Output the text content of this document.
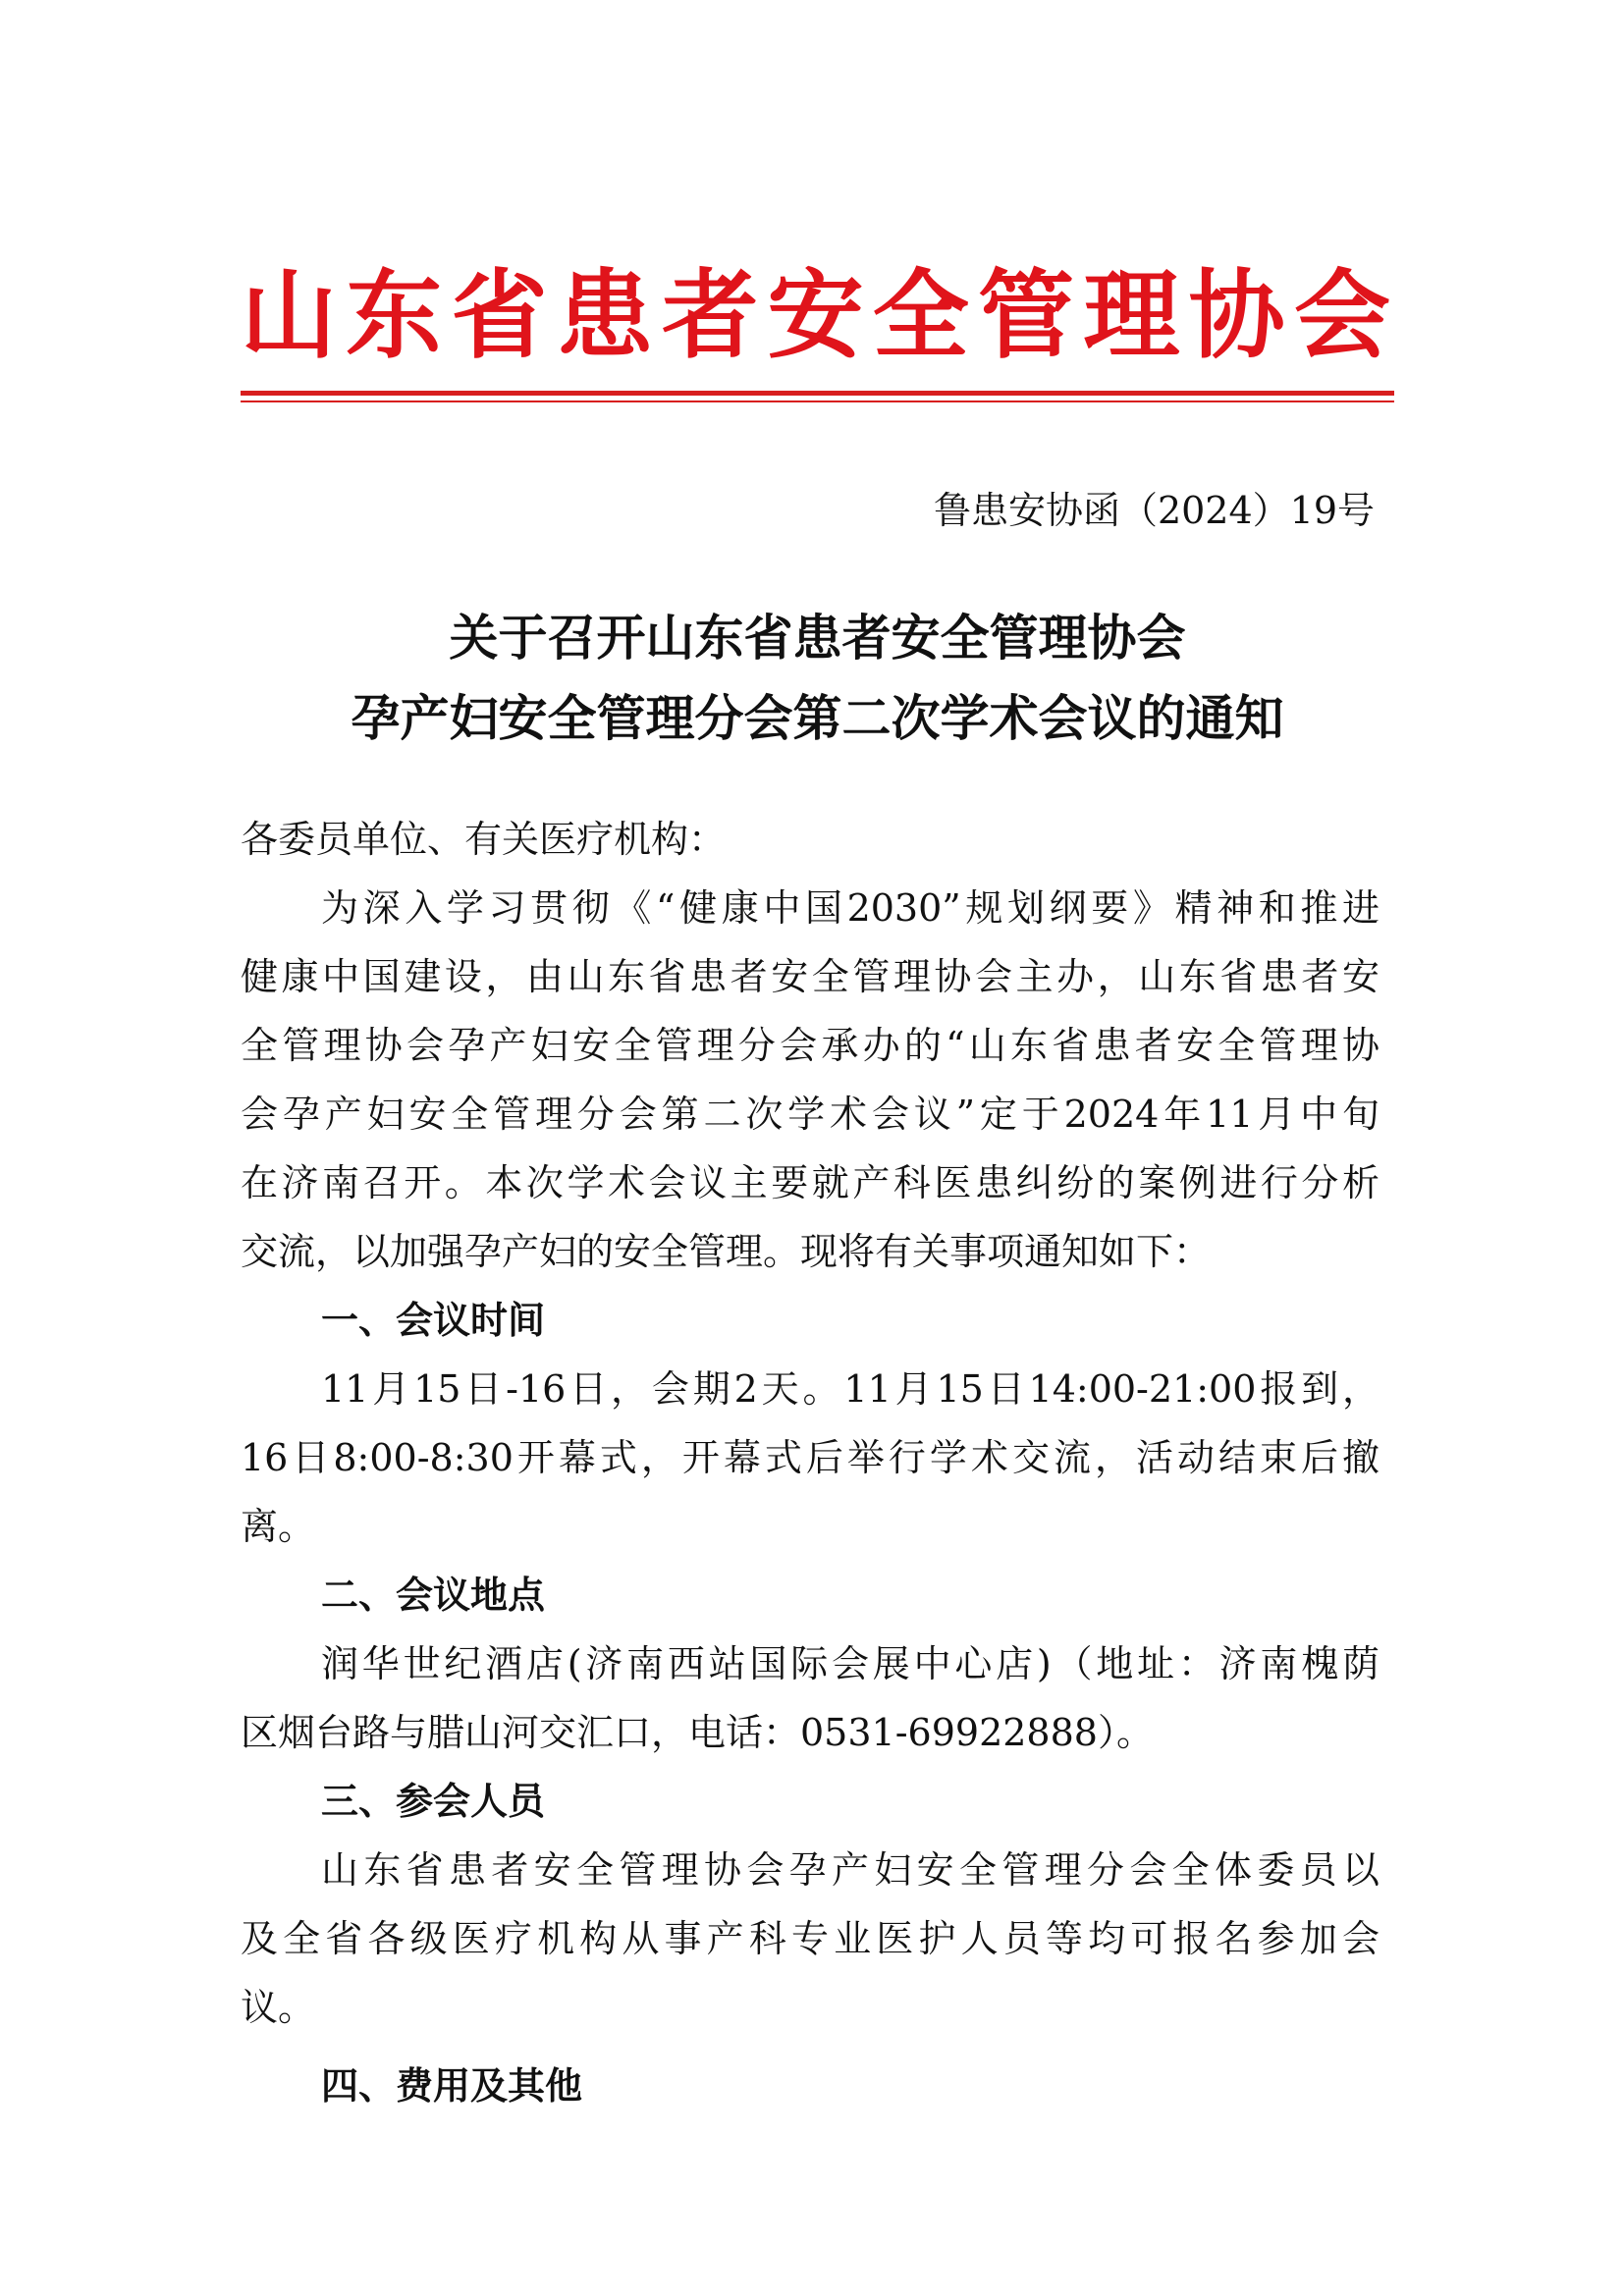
山东省患者安全管理协会
鲁患安协函（2024）19号
关于召开山东省患者安全管理协会
孕产妇安全管理分会第二次学术会议的通知
各委员单位、有关医疗机构：
为深入学习贯彻《“健康中国2030”规划纲要》精神和推进
健康中国建设，由山东省患者安全管理协会主办，山东省患者安
全管理协会孕产妇安全管理分会承办的“山东省患者安全管理协
会孕产妇安全管理分会第二次学术会议”定于2024年11月中旬
在济南召开。本次学术会议主要就产科医患纠纷的案例进行分析
交流，以加强孕产妇的安全管理。现将有关事项通知如下：
一、会议时间
11月15日-16日，会期2天。11月15日14:00-21:00报到，
16日8:00-8:30开幕式，开幕式后举行学术交流，活动结束后撤
离。
二、会议地点
润华世纪酒店(济南西站国际会展中心店)（地址：济南槐荫
区烟台路与腊山河交汇口，电话：0531-69922888）。
三、参会人员
山东省患者安全管理协会孕产妇安全管理分会全体委员以
及全省各级医疗机构从事产科专业医护人员等均可报名参加会
议。
四、费用及其他
